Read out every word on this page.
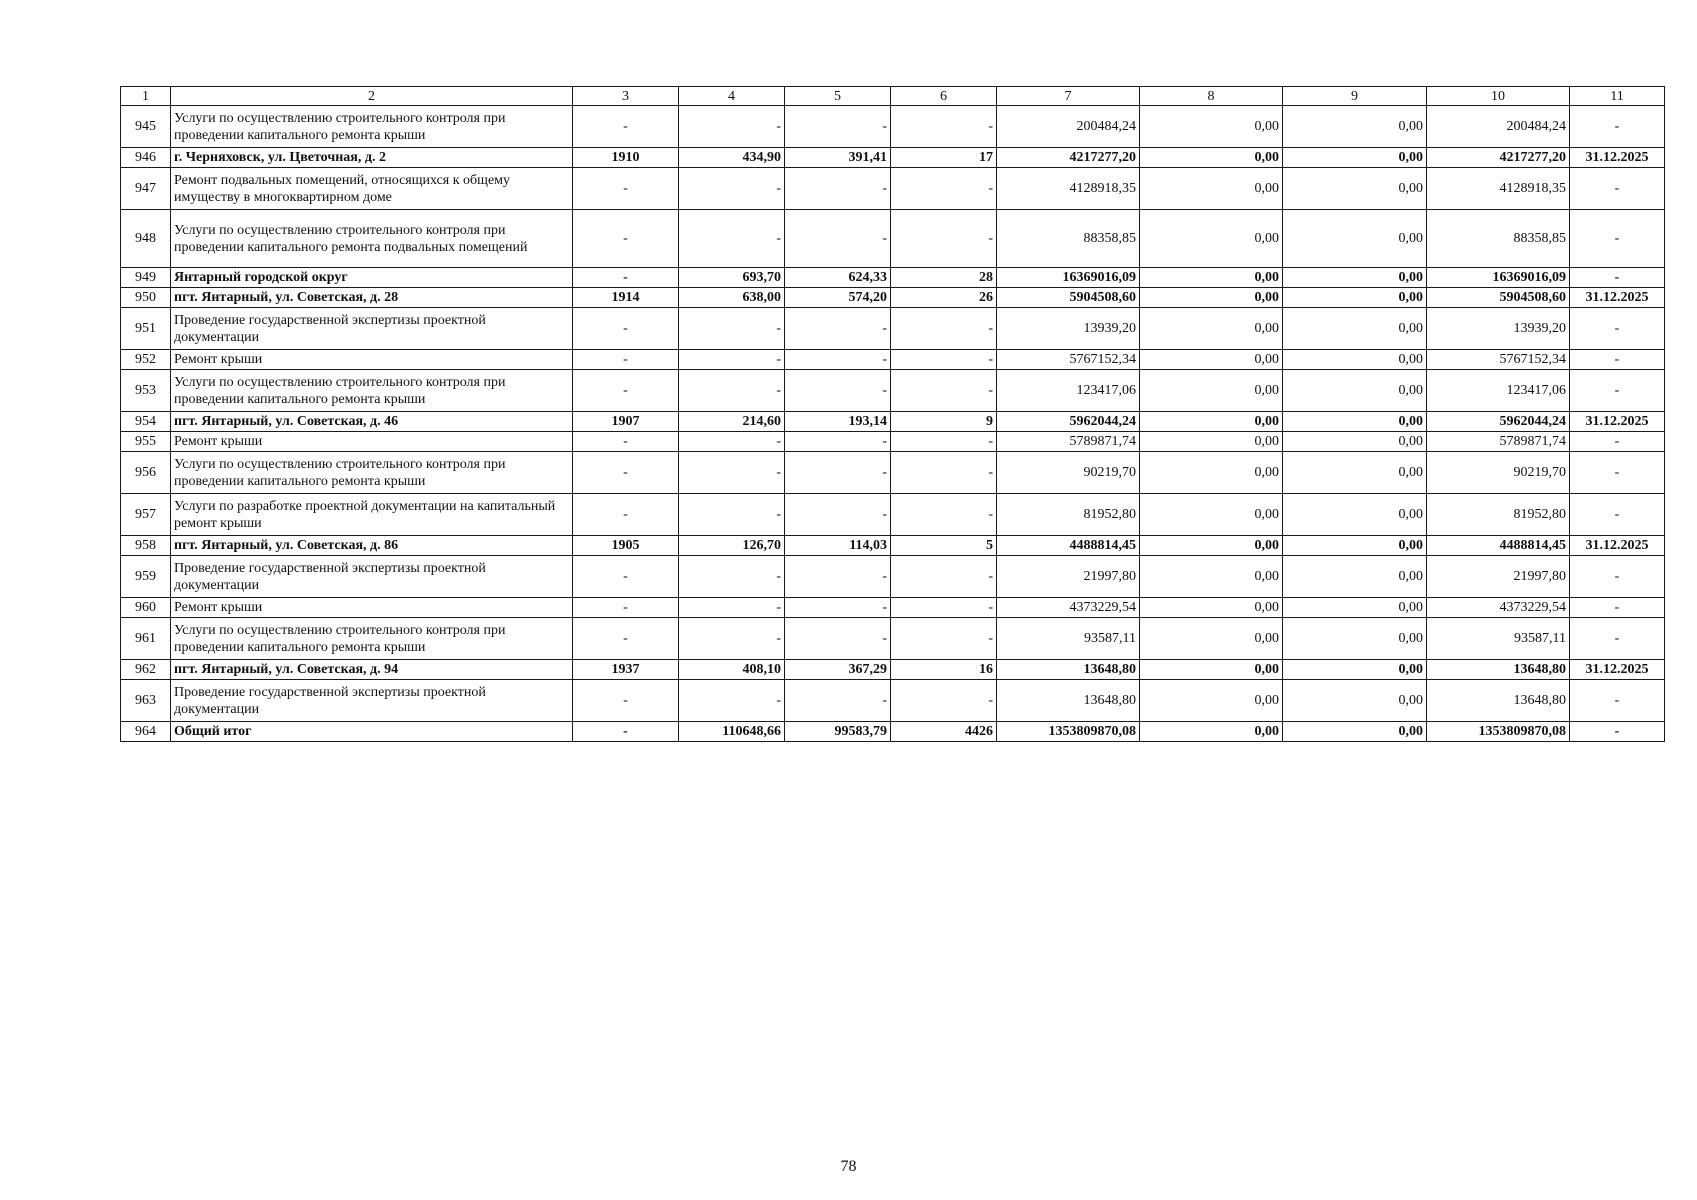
1	2	3	4	5	6	7	8	9	10	11
945	Услуги по осуществлению строительного контроля при проведении капитального ремонта крыши	-	-	-	-	200484,24	0,00	0,00	200484,24	-
946	г. Черняховск, ул. Цветочная, д. 2	1910	434,90	391,41	17	4217277,20	0,00	0,00	4217277,20	31.12.2025
947	Ремонт подвальных помещений, относящихся к общему имуществу в многоквартирном доме	-	-	-	-	4128918,35	0,00	0,00	4128918,35	-
948	Услуги по осуществлению строительного контроля при проведении капитального ремонта подвальных помещений	-	-	-	-	88358,85	0,00	0,00	88358,85	-
949	Янтарный городской округ	-	693,70	624,33	28	16369016,09	0,00	0,00	16369016,09	-
950	пгт. Янтарный, ул. Советская, д. 28	1914	638,00	574,20	26	5904508,60	0,00	0,00	5904508,60	31.12.2025
951	Проведение государственной экспертизы проектной документации	-	-	-	-	13939,20	0,00	0,00	13939,20	-
952	Ремонт крыши	-	-	-	-	5767152,34	0,00	0,00	5767152,34	-
953	Услуги по осуществлению строительного контроля при проведении капитального ремонта крыши	-	-	-	-	123417,06	0,00	0,00	123417,06	-
954	пгт. Янтарный, ул. Советская, д. 46	1907	214,60	193,14	9	5962044,24	0,00	0,00	5962044,24	31.12.2025
955	Ремонт крыши	-	-	-	-	5789871,74	0,00	0,00	5789871,74	-
956	Услуги по осуществлению строительного контроля при проведении капитального ремонта крыши	-	-	-	-	90219,70	0,00	0,00	90219,70	-
957	Услуги по разработке проектной документации на капитальный ремонт крыши	-	-	-	-	81952,80	0,00	0,00	81952,80	-
958	пгт. Янтарный, ул. Советская, д. 86	1905	126,70	114,03	5	4488814,45	0,00	0,00	4488814,45	31.12.2025
959	Проведение государственной экспертизы проектной документации	-	-	-	-	21997,80	0,00	0,00	21997,80	-
960	Ремонт крыши	-	-	-	-	4373229,54	0,00	0,00	4373229,54	-
961	Услуги по осуществлению строительного контроля при проведении капитального ремонта крыши	-	-	-	-	93587,11	0,00	0,00	93587,11	-
962	пгт. Янтарный, ул. Советская, д. 94	1937	408,10	367,29	16	13648,80	0,00	0,00	13648,80	31.12.2025
963	Проведение государственной экспертизы проектной документации	-	-	-	-	13648,80	0,00	0,00	13648,80	-
964	Общий итог	-	110648,66	99583,79	4426	1353809870,08	0,00	0,00	1353809870,08	-
78
